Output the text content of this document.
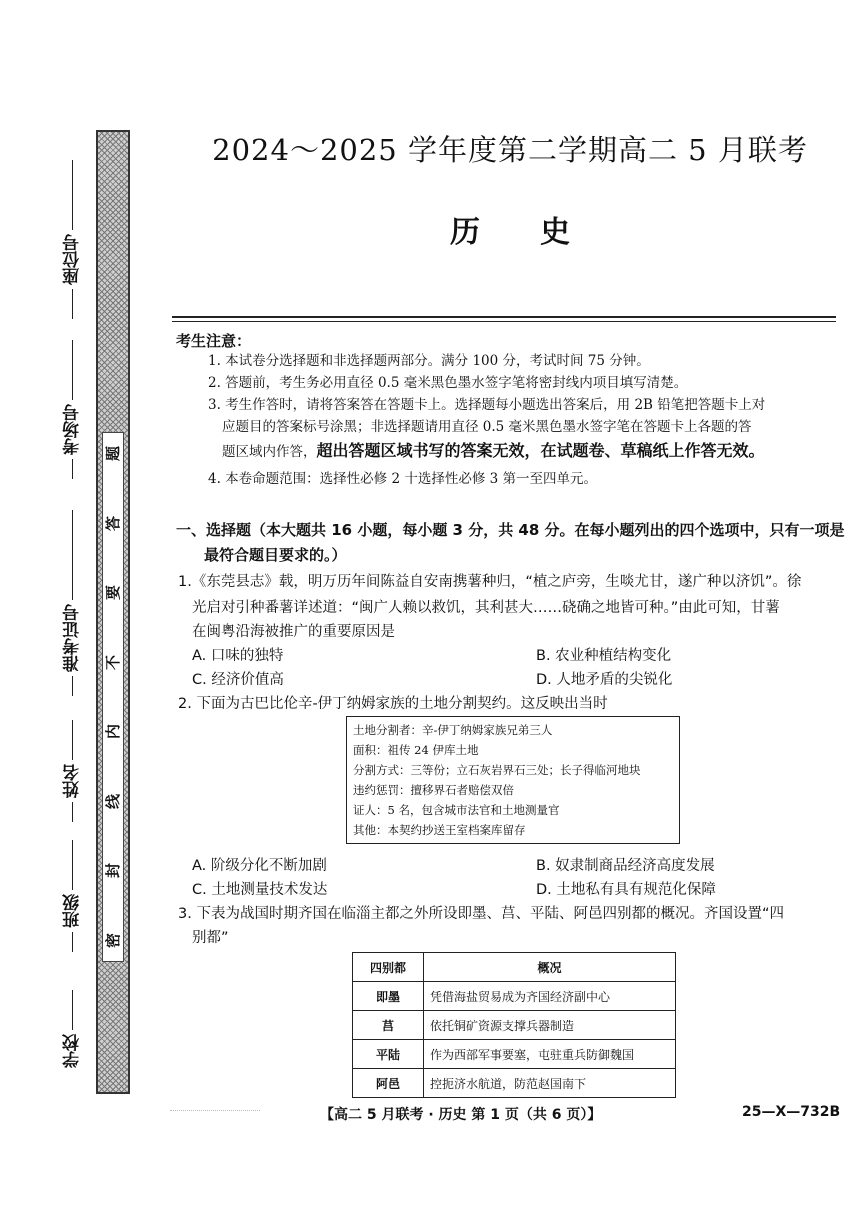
座位号
考场号
准考证号
姓名
班级
学校
密
封
线
内
不
要
答
题
2024～2025 学年度第二学期高二 5 月联考
历史
考生注意：
1. 本试卷分选择题和非选择题两部分。满分 100 分，考试时间 75 分钟。
2. 答题前，考生务必用直径 0.5 毫米黑色墨水签字笔将密封线内项目填写清楚。
3. 考生作答时，请将答案答在答题卡上。选择题每小题选出答案后，用 2B 铅笔把答题卡上对
应题目的答案标号涂黑；非选择题请用直径 0.5 毫米黑色墨水签字笔在答题卡上各题的答
题区域内作答，超出答题区域书写的答案无效，在试题卷、草稿纸上作答无效。
4. 本卷命题范围：选择性必修 2 十选择性必修 3 第一至四单元。
一、选择题（本大题共 16 小题，每小题 3 分，共 48 分。在每小题列出的四个选项中，只有一项是
最符合题目要求的。）
1.《东莞县志》载，明万历年间陈益自安南携薯种归，“植之庐旁，生啖尤甘，遂广种以济饥”。徐
光启对引种番薯详述道：“闽广人赖以救饥，其利甚大……硗确之地皆可种。”由此可知，甘薯
在闽粤沿海被推广的重要原因是
A. 口味的独特	B. 农业种植结构变化
C. 经济价值高	D. 人地矛盾的尖锐化
2. 下面为古巴比伦辛-伊丁纳姆家族的土地分割契约。这反映出当时
土地分割者：辛-伊丁纳姆家族兄弟三人
面积：祖传 24 伊库土地
分割方式：三等份；立石灰岩界石三处；长子得临河地块
违约惩罚：擅移界石者赔偿双倍
证人：5 名，包含城市法官和土地测量官
其他：本契约抄送王室档案库留存
A. 阶级分化不断加剧	B. 奴隶制商品经济高度发展
C. 土地测量技术发达	D. 土地私有具有规范化保障
3. 下表为战国时期齐国在临淄主都之外所设即墨、莒、平陆、阿邑四别都的概况。齐国设置“四
别都”
四别都	概况
即墨	凭借海盐贸易成为齐国经济副中心
莒	依托铜矿资源支撑兵器制造
平陆	作为西部军事要塞，屯驻重兵防御魏国
阿邑	控扼济水航道，防范赵国南下
【高二 5 月联考 · 历史 第 1 页（共 6 页）】	25—X—732B
